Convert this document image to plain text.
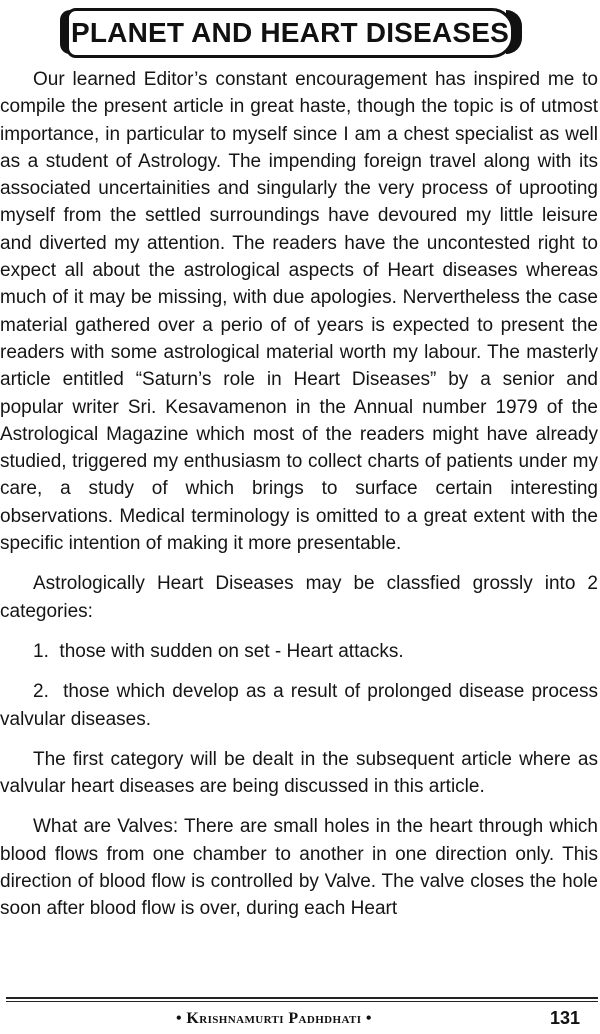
PLANET AND HEART DISEASES

Our learned Editor’s constant encouragement has inspired me to compile the present article in great haste, though the topic is of utmost importance, in particular to myself since I am a chest specialist as well as a student of Astrology. The impending foreign travel along with its associated uncertainities and singularly the very process of uprooting myself from the settled surroundings have devoured my little leisure and diverted my attention. The readers have the uncontested right to expect all about the astrological aspects of Heart diseases whereas much of it may be missing, with due apologies. Nervertheless the case material gathered over a perio of of years is expected to present the readers with some astrological material worth my labour. The masterly article entitled “Saturn’s role in Heart Diseases” by a senior and popular writer Sri. Kesavamenon in the Annual number 1979 of the Astrological Magazine which most of the readers might have already studied, triggered my enthusiasm to collect charts of patients under my care, a study of which brings to surface certain interesting observations. Medical terminology is omitted to a great extent with the specific intention of making it more presentable.

Astrologically Heart Diseases may be classfied grossly into 2 categories:

1. those with sudden on set - Heart attacks.

2. those which develop as a result of prolonged disease process valvular diseases.

The first category will be dealt in the subsequent article where as valvular heart diseases are being discussed in this article.

What are Valves: There are small holes in the heart through which blood flows from one chamber to another in one direction only. This direction of blood flow is controlled by Valve. The valve closes the hole soon after blood flow is over, during each Heart

• Krishnamurti Padhdhati •	131
